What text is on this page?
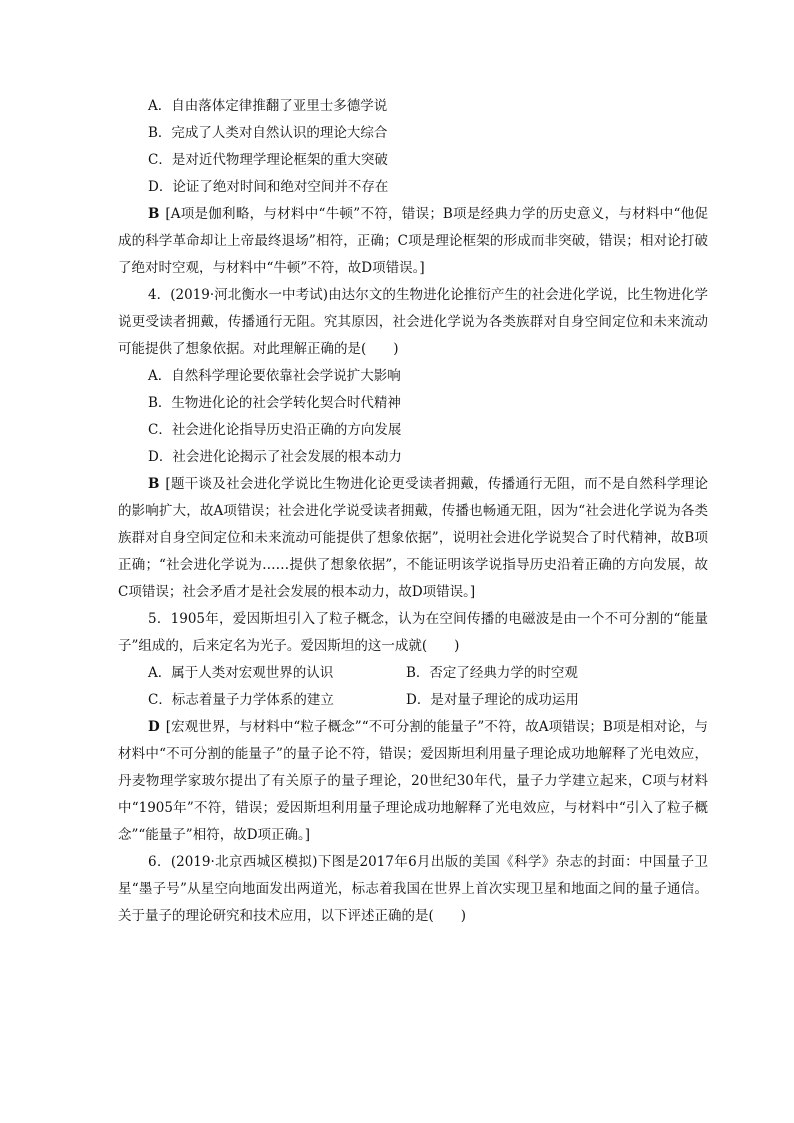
A．自由落体定律推翻了亚里士多德学说
B．完成了人类对自然认识的理论大综合
C．是对近代物理学理论框架的重大突破
D．论证了绝对时间和绝对空间并不存在
B [A项是伽利略，与材料中“牛顿”不符，错误；B项是经典力学的历史意义，与材料中“他促成的科学革命却让上帝最终退场”相符，正确；C项是理论框架的形成而非突破，错误；相对论打破了绝对时空观，与材料中“牛顿”不符，故D项错误。]
4．(2019·河北衡水一中考试)由达尔文的生物进化论推衍产生的社会进化学说，比生物进化学说更受读者拥戴，传播通行无阻。究其原因，社会进化学说为各类族群对自身空间定位和未来流动可能提供了想象依据。对此理解正确的是(　　)
A．自然科学理论要依靠社会学说扩大影响
B．生物进化论的社会学转化契合时代精神
C．社会进化论指导历史沿正确的方向发展
D．社会进化论揭示了社会发展的根本动力
B [题干谈及社会进化学说比生物进化论更受读者拥戴，传播通行无阻，而不是自然科学理论的影响扩大，故A项错误；社会进化学说受读者拥戴，传播也畅通无阻，因为“社会进化学说为各类族群对自身空间定位和未来流动可能提供了想象依据”，说明社会进化学说契合了时代精神，故B项正确；“社会进化学说为……提供了想象依据”，不能证明该学说指导历史沿着正确的方向发展，故C项错误；社会矛盾才是社会发展的根本动力，故D项错误。]
5．1905年，爱因斯坦引入了粒子概念，认为在空间传播的电磁波是由一个不可分割的“能量子”组成的，后来定名为光子。爱因斯坦的这一成就(　　)
A．属于人类对宏观世界的认识	B．否定了经典力学的时空观
C．标志着量子力学体系的建立	D．是对量子理论的成功运用
D [宏观世界，与材料中“粒子概念”“不可分割的能量子”不符，故A项错误；B项是相对论，与材料中“不可分割的能量子”的量子论不符，错误；爱因斯坦利用量子理论成功地解释了光电效应，丹麦物理学家玻尔提出了有关原子的量子理论，20世纪30年代，量子力学建立起来，C项与材料中“1905年”不符，错误；爱因斯坦利用量子理论成功地解释了光电效应，与材料中“引入了粒子概念”“能量子”相符，故D项正确。]
6．(2019·北京西城区模拟)下图是2017年6月出版的美国《科学》杂志的封面：中国量子卫星“墨子号”从星空向地面发出两道光，标志着我国在世界上首次实现卫星和地面之间的量子通信。关于量子的理论研究和技术应用，以下评述正确的是(　　)
